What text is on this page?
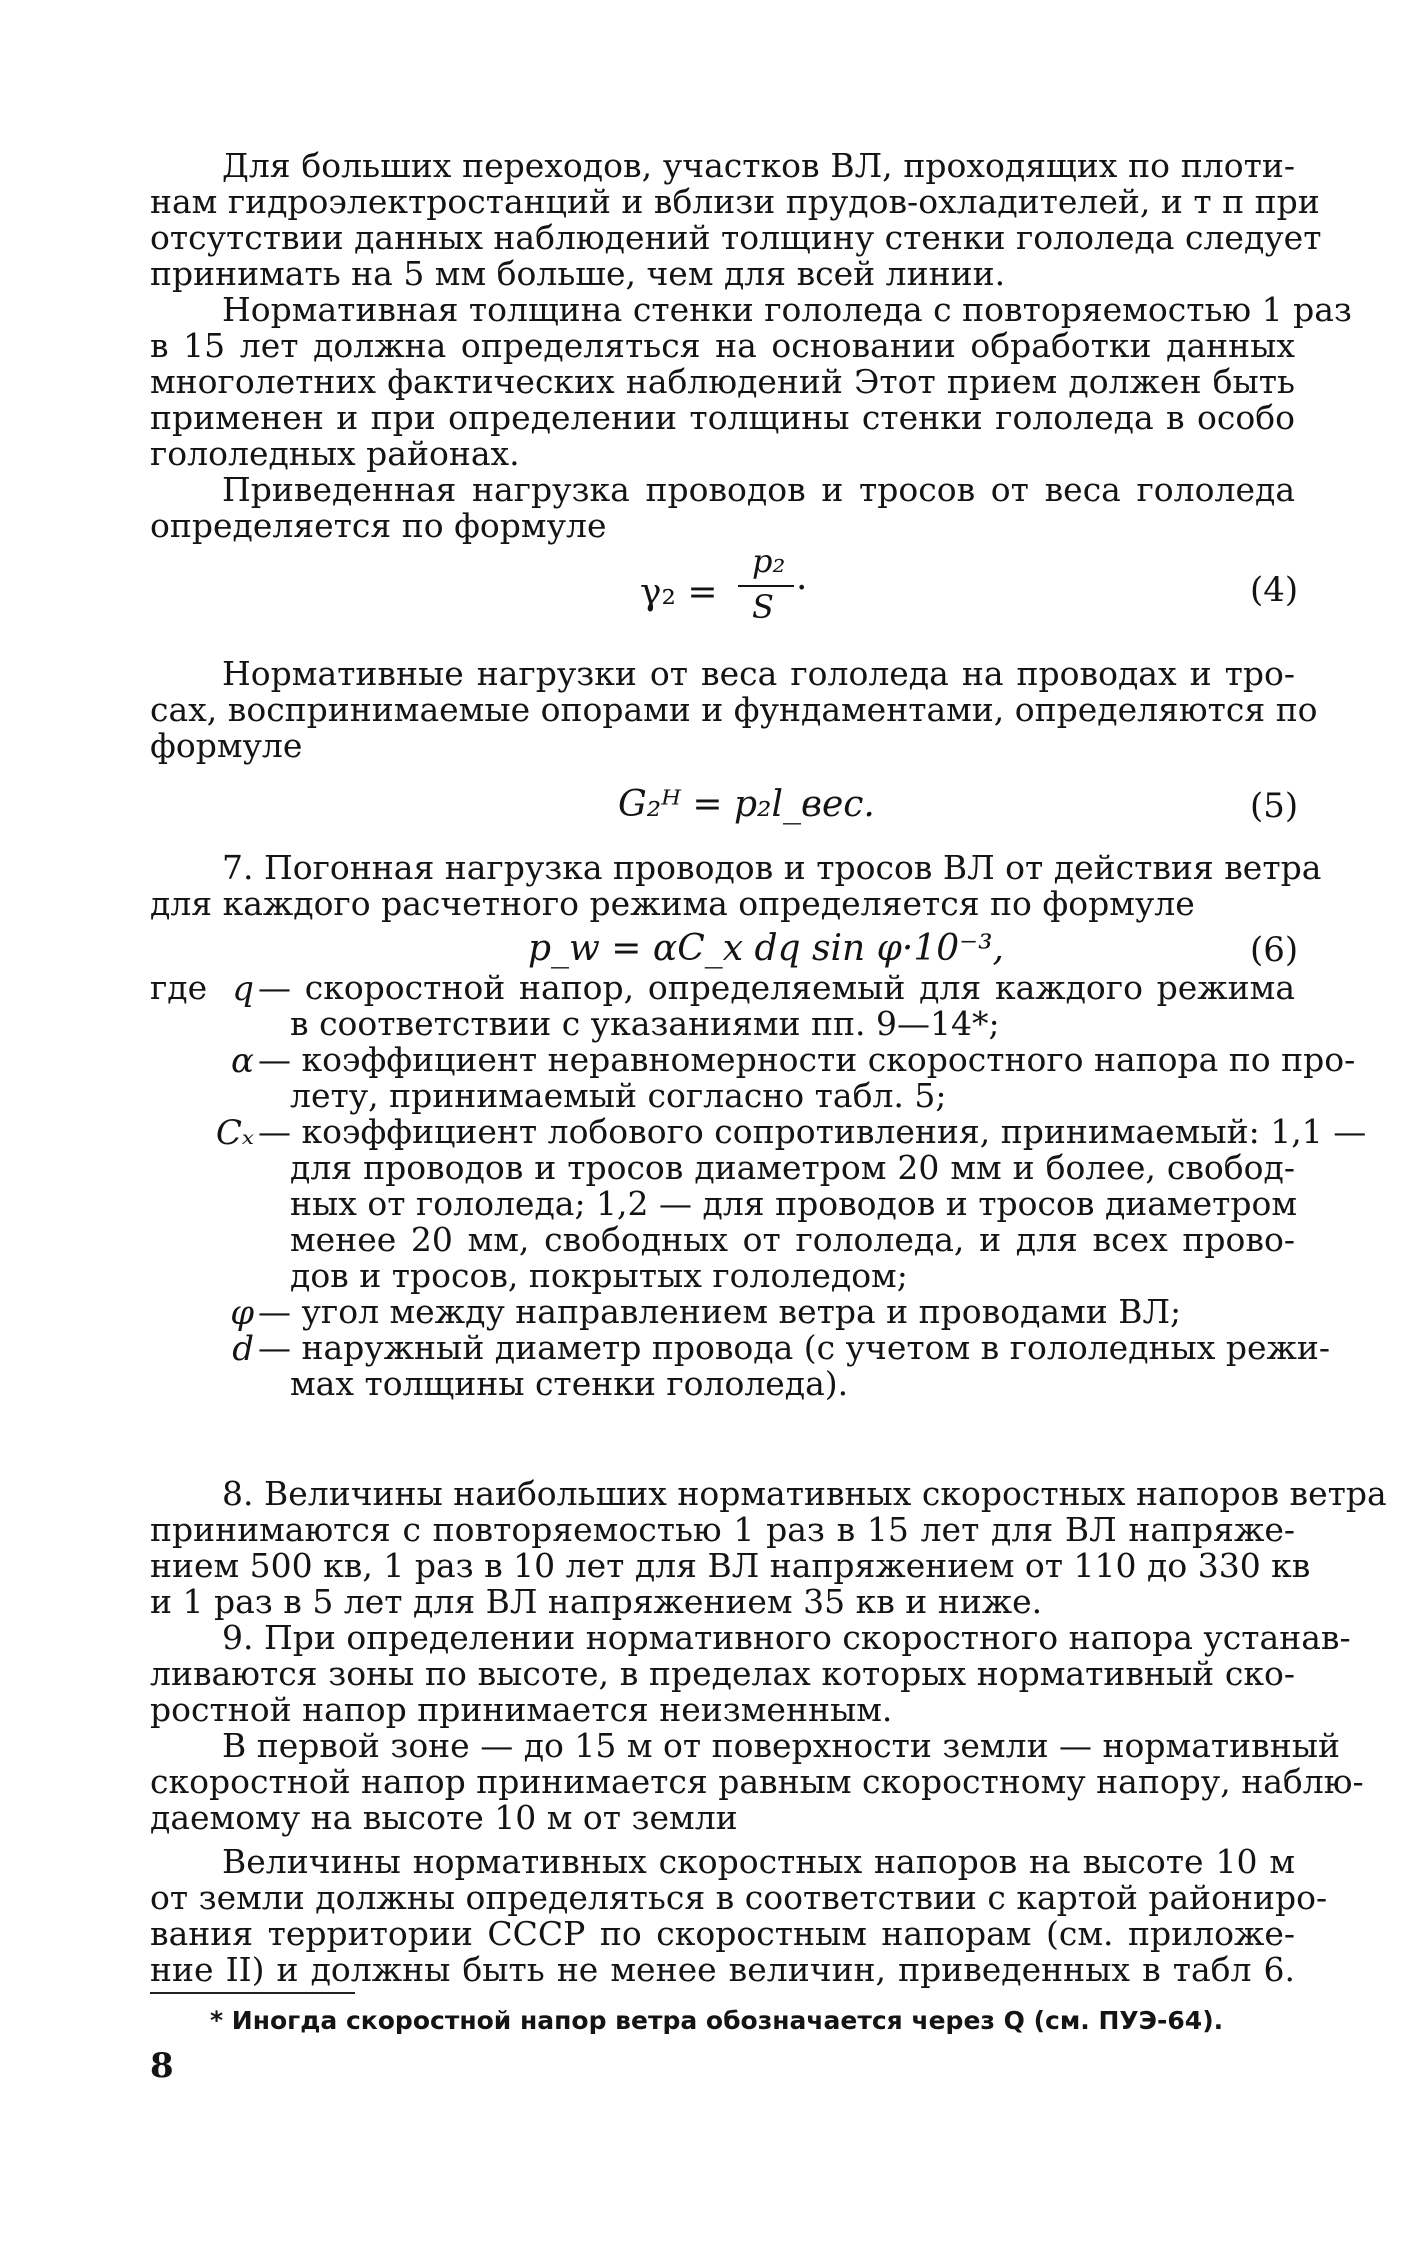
Для больших переходов, участков ВЛ, проходящих по плоти-
нам гидроэлектростанций и вблизи прудов-охладителей, и т п при
отсутствии данных наблюдений толщину стенки гололеда следует
принимать на 5 мм больше, чем для всей линии.
Нормативная толщина стенки гололеда с повторяемостью 1 раз
в 15 лет должна определяться на основании обработки данных
многолетних фактических наблюдений Этот прием должен быть
применен и при определении толщины стенки гололеда в особо
гололедных районах.
Приведенная нагрузка проводов и тросов от веса гололеда
определяется по формуле
γ₂ =
p₂
S ·	(4)
Нормативные нагрузки от веса гололеда на проводах и тро-
сах, воспринимаемые опорами и фундаментами, определяются по
формуле
G₂ᴴ = p₂l_вес.	(5)
7. Погонная нагрузка проводов и тросов ВЛ от действия ветра
для каждого расчетного режима определяется по формуле
p_w = αC_x dq sin φ·10⁻³,	(6)
где q — скоростной напор, определяемый для каждого режима
в соответствии с указаниями пп. 9—14*;
α — коэффициент неравномерности скоростного напора по про-
лету, принимаемый согласно табл. 5;
Cₓ — коэффициент лобового сопротивления, принимаемый: 1,1 —
для проводов и тросов диаметром 20 мм и более, свобод-
ных от гололеда; 1,2 — для проводов и тросов диаметром
менее 20 мм, свободных от гололеда, и для всех прово-
дов и тросов, покрытых гололедом;
φ — угол между направлением ветра и проводами ВЛ;
d — наружный диаметр провода (с учетом в гололедных режи-
мах толщины стенки гололеда).
8. Величины наибольших нормативных скоростных напоров ветра
принимаются с повторяемостью 1 раз в 15 лет для ВЛ напряже-
нием 500 кв, 1 раз в 10 лет для ВЛ напряжением от 110 до 330 кв
и 1 раз в 5 лет для ВЛ напряжением 35 кв и ниже.
9. При определении нормативного скоростного напора устанав-
ливаются зоны по высоте, в пределах которых нормативный ско-
ростной напор принимается неизменным.
В первой зоне — до 15 м от поверхности земли — нормативный
скоростной напор принимается равным скоростному напору, наблю-
даемому на высоте 10 м от земли
Величины нормативных скоростных напоров на высоте 10 м
от земли должны определяться в соответствии с картой райониро-
вания территории СССР по скоростным напорам (см. приложе-
ние II) и должны быть не менее величин, приведенных в табл 6.
* Иногда скоростной напор ветра обозначается через Q (см. ПУЭ-64).
8
